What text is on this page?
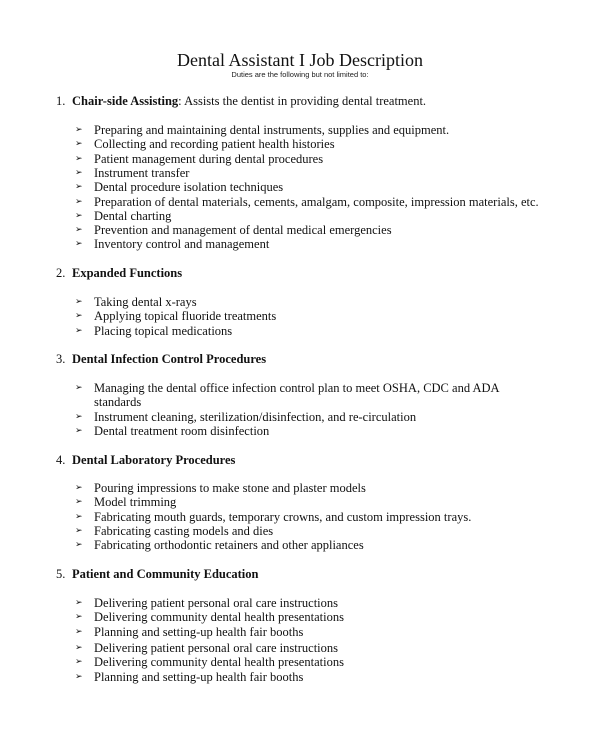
Dental Assistant I Job Description
Duties are the following but not limited to:
1. Chair-side Assisting: Assists the dentist in providing dental treatment.
➢ Preparing and maintaining dental instruments, supplies and equipment.
➢ Collecting and recording patient health histories
➢ Patient management during dental procedures
➢ Instrument transfer
➢ Dental procedure isolation techniques
➢ Preparation of dental materials, cements, amalgam, composite, impression materials, etc.
➢ Dental charting
➢ Prevention and management of dental medical emergencies
➢ Inventory control and management
2. Expanded Functions
➢ Taking dental x-rays
➢ Applying topical fluoride treatments
➢ Placing topical medications
3. Dental Infection Control Procedures
➢ Managing the dental office infection control plan to meet OSHA, CDC and ADA standards
➢ Instrument cleaning, sterilization/disinfection, and re-circulation
➢ Dental treatment room disinfection
4. Dental Laboratory Procedures
➢ Pouring impressions to make stone and plaster models
➢ Model trimming
➢ Fabricating mouth guards, temporary crowns, and custom impression trays.
➢ Fabricating casting models and dies
➢ Fabricating orthodontic retainers and other appliances
5. Patient and Community Education
➢ Delivering patient personal oral care instructions
➢ Delivering community dental health presentations
➢ Planning and setting-up health fair booths
➢ Delivering patient personal oral care instructions
➢ Delivering community dental health presentations
➢ Planning and setting-up health fair booths
